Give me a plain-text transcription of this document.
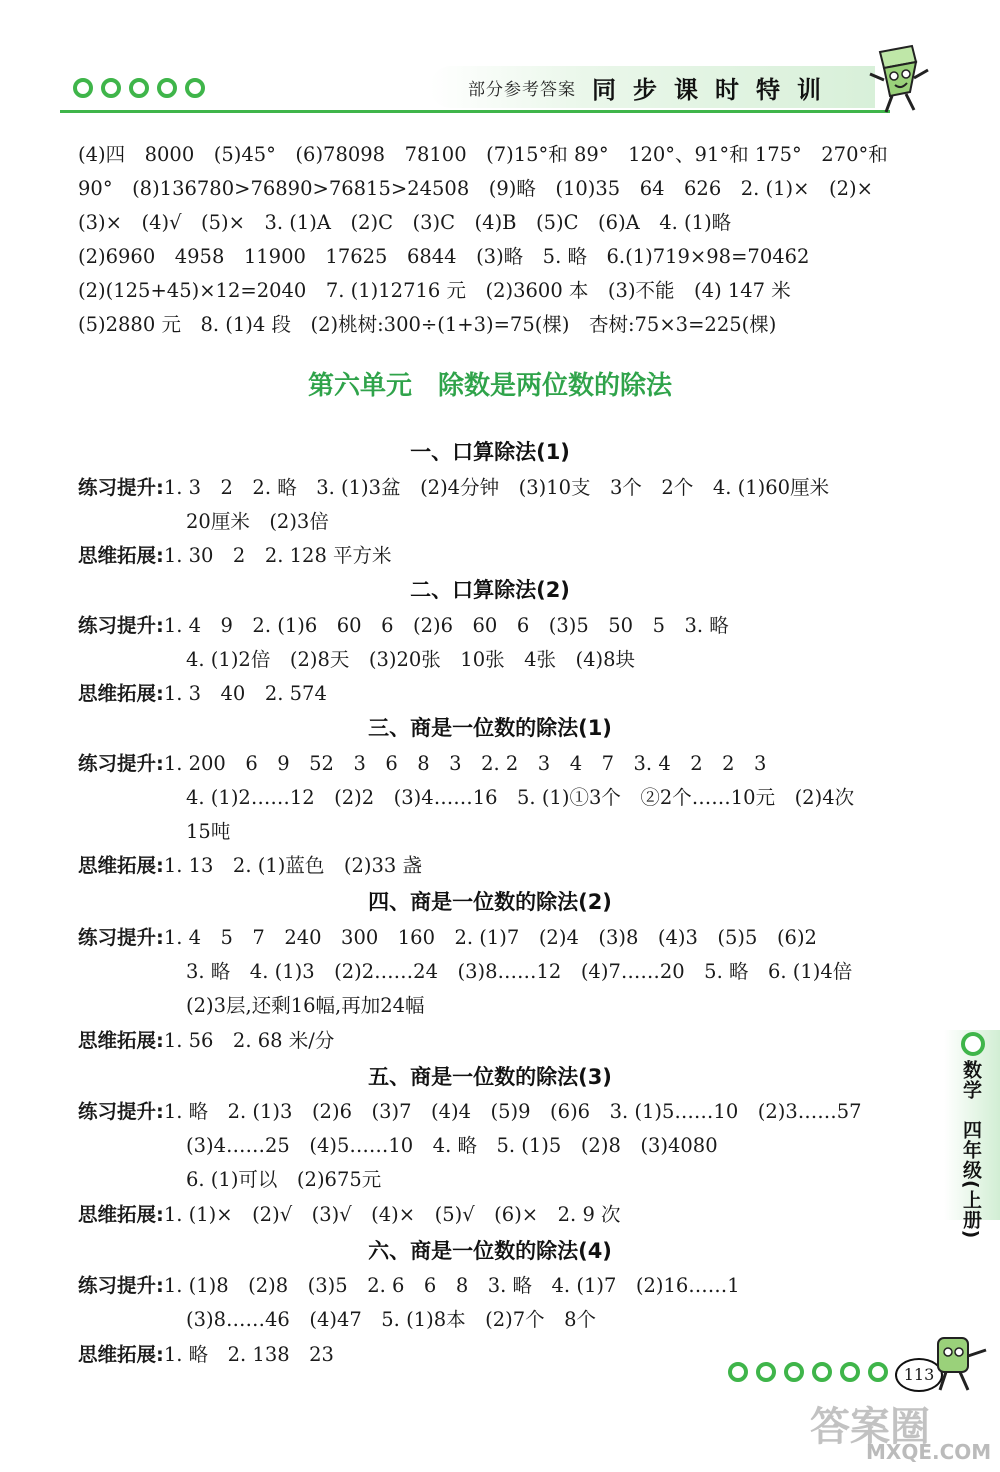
部分参考答案 同步课时特训
(4)四　8000　(5)45°　(6)78098　78100　(7)15°和 89°　120°、91°和 175°　270°和
90°　(8)136780>76890>76815>24508　(9)略　(10)35　64　626　2. (1)×　(2)×
(3)×　(4)√　(5)×　3. (1)A　(2)C　(3)C　(4)B　(5)C　(6)A　4. (1)略
(2)6960　4958　11900　17625　6844　(3)略　5. 略　6.(1)719×98=70462
(2)(125+45)×12=2040　7. (1)12716 元　(2)3600 本　(3)不能　(4) 147 米
(5)2880 元　8. (1)4 段　(2)桃树:300÷(1+3)=75(棵)　杏树:75×3=225(棵)
第六单元　除数是两位数的除法
一、口算除法(1)
练习提升:1. 3　2　2. 略　3. (1)3盆　(2)4分钟　(3)10支　3个　2个　4. (1)60厘米
20厘米　(2)3倍
思维拓展:1. 30　2　2. 128 平方米
二、口算除法(2)
练习提升:1. 4　9　2. (1)6　60　6　(2)6　60　6　(3)5　50　5　3. 略
4. (1)2倍　(2)8天　(3)20张　10张　4张　(4)8块
思维拓展:1. 3　40　2. 574
三、商是一位数的除法(1)
练习提升:1. 200　6　9　52　3　6　8　3　2. 2　3　4　7　3. 4　2　2　3
4. (1)2……12　(2)2　(3)4……16　5. (1)①3个　②2个……10元　(2)4次
15吨
思维拓展:1. 13　2. (1)蓝色　(2)33 盏
四、商是一位数的除法(2)
练习提升:1. 4　5　7　240　300　160　2. (1)7　(2)4　(3)8　(4)3　(5)5　(6)2
3. 略　4. (1)3　(2)2……24　(3)8……12　(4)7……20　5. 略　6. (1)4倍
(2)3层,还剩16幅,再加24幅
思维拓展:1. 56　2. 68 米/分
五、商是一位数的除法(3)
练习提升:1. 略　2. (1)3　(2)6　(3)7　(4)4　(5)9　(6)6　3. (1)5……10　(2)3……57
(3)4……25　(4)5……10　4. 略　5. (1)5　(2)8　(3)4080
6. (1)可以　(2)675元
思维拓展:1. (1)×　(2)√　(3)√　(4)×　(5)√　(6)×　2. 9 次
六、商是一位数的除法(4)
练习提升:1. (1)8　(2)8　(3)5　2. 6　6　8　3. 略　4. (1)7　(2)16……1
(3)8……46　(4)47　5. (1)8本　(2)7个　8个
思维拓展:1. 略　2. 138　23
数学　四年级(上册)
113
答案圈
MXQE.COM
